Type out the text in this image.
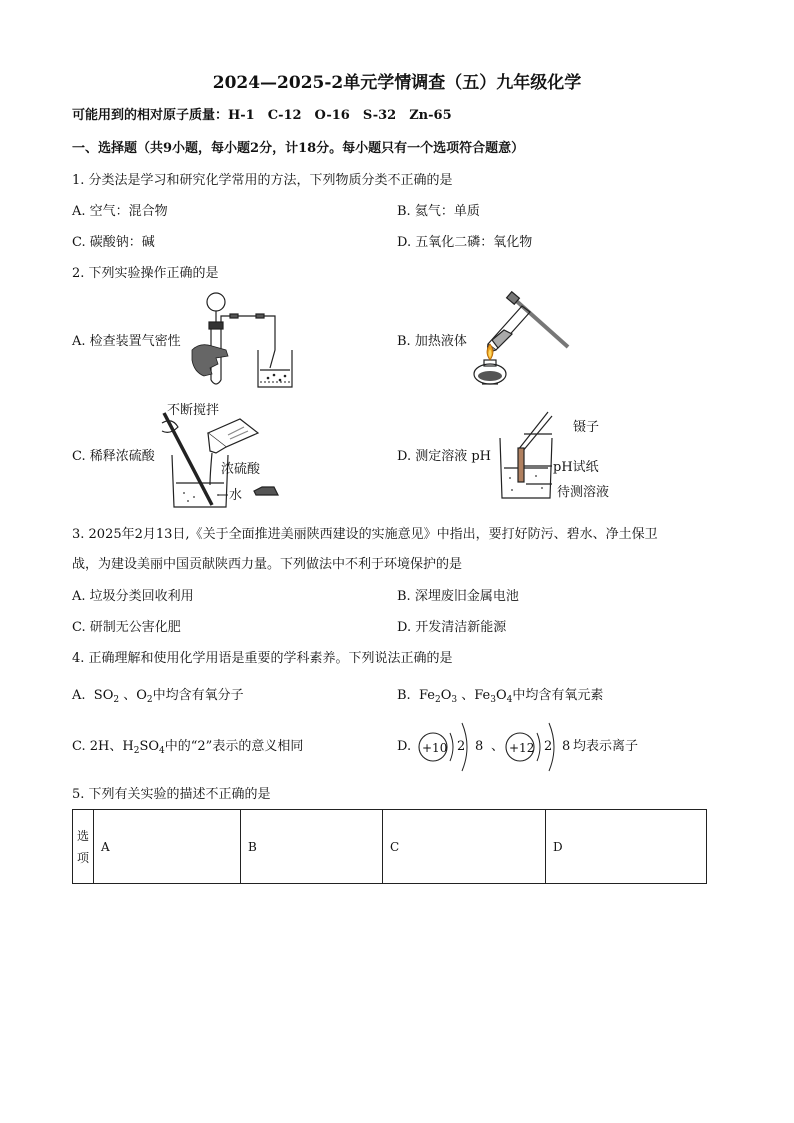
2024—2025-2单元学情调查（五）九年级化学
可能用到的相对原子质量：H-1　C-12　O-16　S-32　Zn-65
一、选择题（共9小题，每小题2分，计18分。每小题只有一个选项符合题意）
1. 分类法是学习和研究化学常用的方法，下列物质分类不正确的是
A. 空气：混合物	B. 氦气：单质
C. 碳酸钠：碱	D. 五氧化二磷：氧化物
2. 下列实验操作正确的是
A. 检查装置气密性	B. 加热液体
C. 稀释浓硫酸	D. 测定溶液 pH
不断搅拌
浓硫酸
水
镊子
pH试纸
待测溶液
3. 2025年2月13日,《关于全面推进美丽陕西建设的实施意见》中指出，要打好防污、碧水、净土保卫
战，为建设美丽中国贡献陕西力量。下列做法中不利于环境保护的是
A. 垃圾分类回收利用	B. 深埋废旧金属电池
C. 研制无公害化肥	D. 开发清洁新能源
4. 正确理解和使用化学用语是重要的学科素养。下列说法正确的是
A.  $SO_2$ 、$O_2$中均含有氧分子	B.  $Fe_2O_3$ 、$Fe_3O_4$中均含有氧元素
C. 2H、$H_2SO_4$中的“2”表示的意义相同	D. +10 2 8 、 +12 2 8 均表示离子
5. 下列有关实验的描述不正确的是
选项	A	B	C	D
